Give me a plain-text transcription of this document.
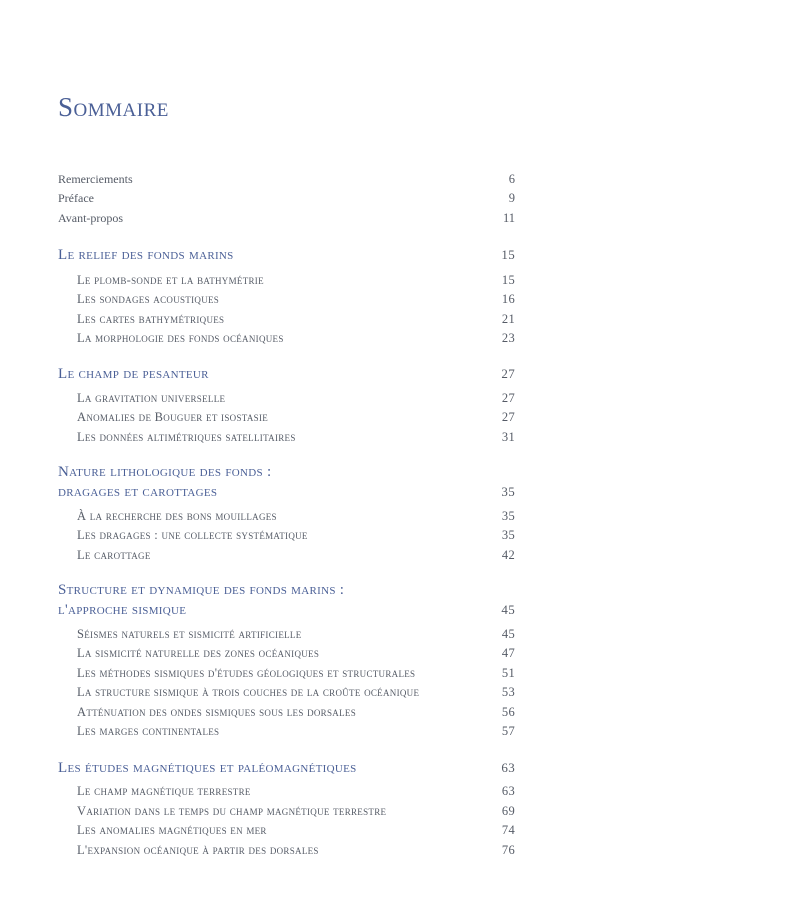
Sommaire
Remerciements	6
Préface	9
Avant-propos	11
Le relief des fonds marins	15
Le plomb-sonde et la bathymétrie	15
Les sondages acoustiques	16
Les cartes bathymétriques	21
La morphologie des fonds océaniques	23
Le champ de pesanteur	27
La gravitation universelle	27
Anomalies de Bouguer et isostasie	27
Les données altimétriques satellitaires	31
Nature lithologique des fonds :
dragages et carottages	35
À la recherche des bons mouillages	35
Les dragages : une collecte systématique	35
Le carottage	42
Structure et dynamique des fonds marins :
l'approche sismique	45
Séismes naturels et sismicité artificielle	45
La sismicité naturelle des zones océaniques	47
Les méthodes sismiques d'études géologiques et structurales	51
La structure sismique à trois couches de la croûte océanique	53
Atténuation des ondes sismiques sous les dorsales	56
Les marges continentales	57
Les études magnétiques et paléomagnétiques	63
Le champ magnétique terrestre	63
Variation dans le temps du champ magnétique terrestre	69
Les anomalies magnétiques en mer	74
L'expansion océanique à partir des dorsales	76
